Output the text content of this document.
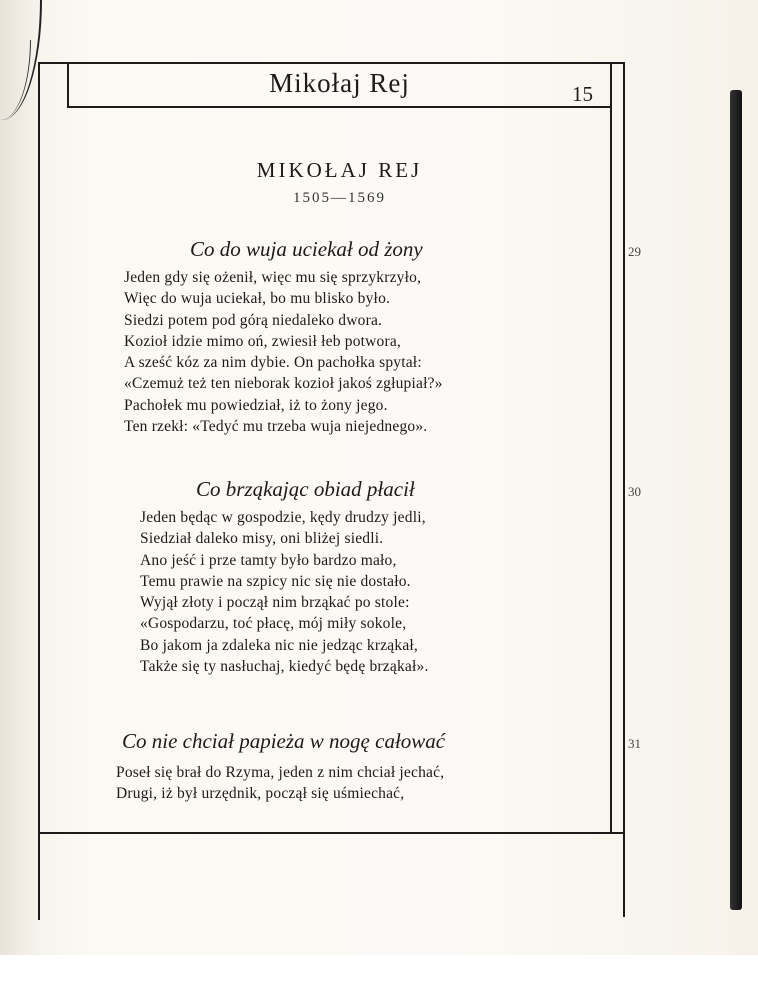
Mikołaj Rej	15
MIKOŁAJ REJ
1505—1569
Co do wuja uciekał od żony	29
Jeden gdy się ożenił, więc mu się sprzykrzyło,
Więc do wuja uciekał, bo mu blisko było.
Siedzi potem pod górą niedaleko dwora.
Kozioł idzie mimo oń, zwiesił łeb potwora,
A sześć kóz za nim dybie. On pachołka spytał:
«Czemuż też ten nieborak kozioł jakoś zgłupiał?»
Pachołek mu powiedział, iż to żony jego.
Ten rzekł: «Tedyć mu trzeba wuja niejednego».
Co brząkając obiad płacił	30
Jeden będąc w gospodzie, kędy drudzy jedli,
Siedział daleko misy, oni bliżej siedli.
Ano jeść i prze tamty było bardzo mało,
Temu prawie na szpicy nic się nie dostało.
Wyjął złoty i począł nim brząkać po stole:
«Gospodarzu, toć płacę, mój miły sokole,
Bo jakom ja zdaleka nic nie jedząc krząkał,
Także się ty nasłuchaj, kiedyć będę brząkał».
Co nie chciał papieża w nogę całować	31
Poseł się brał do Rzyma, jeden z nim chciał jechać,
Drugi, iż był urzędnik, począł się uśmiechać,
